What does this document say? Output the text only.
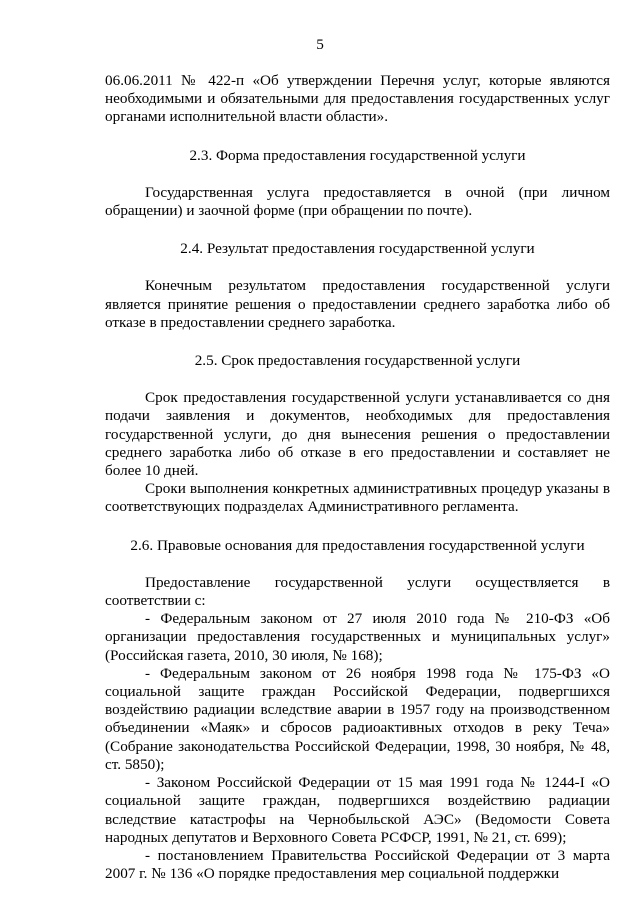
5

06.06.2011 № 422-п «Об утверждении Перечня услуг, которые являются необходимыми и обязательными для предоставления государственных услуг органами исполнительной власти области».

2.3. Форма предоставления государственной услуги

Государственная услуга предоставляется в очной (при личном обращении) и заочной форме (при обращении по почте).

2.4. Результат предоставления государственной услуги

Конечным результатом предоставления государственной услуги является принятие решения о предоставлении среднего заработка либо об отказе в предоставлении среднего заработка.

2.5. Срок предоставления государственной услуги

Срок предоставления государственной услуги устанавливается со дня подачи заявления и документов, необходимых для предоставления государственной услуги, до дня вынесения решения о предоставлении среднего заработка либо об отказе в его предоставлении и составляет не более 10 дней.

Сроки выполнения конкретных административных процедур указаны в соответствующих подразделах Административного регламента.

2.6. Правовые основания для предоставления государственной услуги

Предоставление государственной услуги осуществляется в соответствии с:

- Федеральным законом от 27 июля 2010 года № 210-ФЗ «Об организации предоставления государственных и муниципальных услуг» (Российская газета, 2010, 30 июля, № 168);

- Федеральным законом от 26 ноября 1998 года № 175-ФЗ «О социальной защите граждан Российской Федерации, подвергшихся воздействию радиации вследствие аварии в 1957 году на производственном объединении «Маяк» и сбросов радиоактивных отходов в реку Теча» (Собрание законодательства Российской Федерации, 1998, 30 ноября, № 48, ст. 5850);

- Законом Российской Федерации от 15 мая 1991 года № 1244-I «О социальной защите граждан, подвергшихся воздействию радиации вследствие катастрофы на Чернобыльской АЭС» (Ведомости Совета народных депутатов и Верховного Совета РСФСР, 1991, № 21, ст. 699);

- постановлением Правительства Российской Федерации от 3 марта 2007 г. № 136 «О порядке предоставления мер социальной поддержки
